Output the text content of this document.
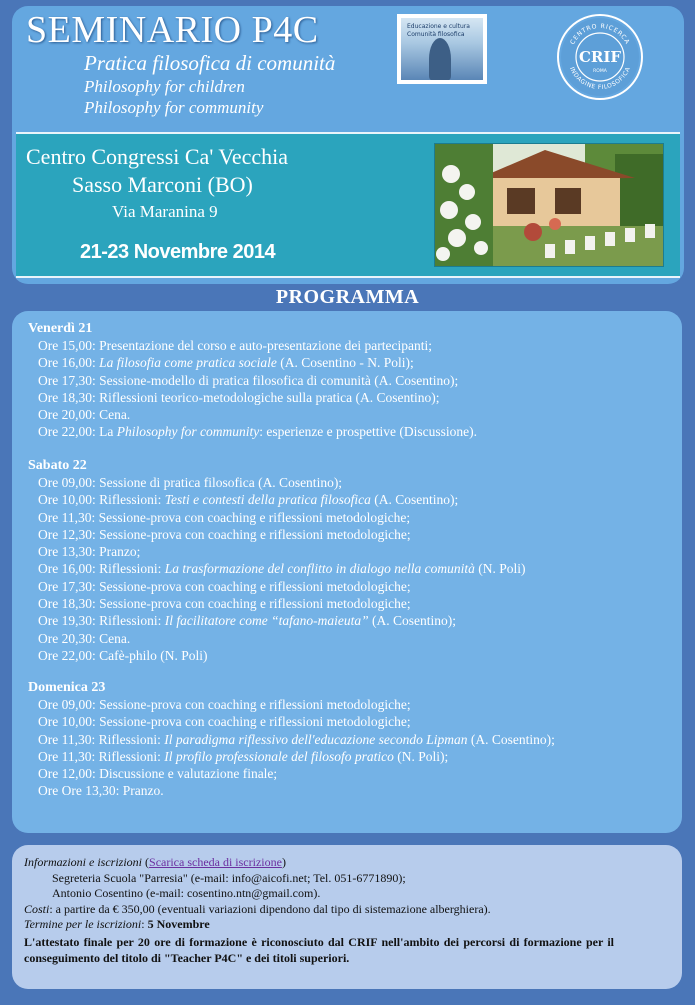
SEMINARIO P4C
Pratica filosofica di comunità
Philosophy for children
Philosophy for community
Educazione e cultura
Comunità filosofica
CENTRO RICERCA
INDAGINE FILOSOFICA
CRIF
ROMA
Centro Congressi Ca' Vecchia
Sasso Marconi (BO)
Via Maranina 9
21-23 Novembre 2014
PROGRAMMA
Venerdì 21
Ore 15,00: Presentazione del corso e auto-presentazione dei partecipanti;
Ore 16,00: La filosofia come pratica sociale (A. Cosentino - N. Poli);
Ore 17,30: Sessione-modello di pratica filosofica di comunità (A. Cosentino);
Ore 18,30: Riflessioni teorico-metodologiche sulla pratica (A. Cosentino);
Ore 20,00: Cena.
Ore 22,00: La Philosophy for community: esperienze e prospettive (Discussione).
Sabato 22
Ore 09,00: Sessione di pratica filosofica (A. Cosentino);
Ore 10,00: Riflessioni: Testi e contesti della pratica filosofica (A. Cosentino);
Ore 11,30: Sessione-prova con coaching e riflessioni metodologiche;
Ore 12,30: Sessione-prova con coaching e riflessioni metodologiche;
Ore 13,30: Pranzo;
Ore 16,00: Riflessioni: La trasformazione del conflitto in dialogo nella comunità (N. Poli)
Ore 17,30: Sessione-prova con coaching e riflessioni metodologiche;
Ore 18,30: Sessione-prova con coaching e riflessioni metodologiche;
Ore 19,30: Riflessioni: Il facilitatore come “tafano-maieuta” (A. Cosentino);
Ore 20,30: Cena.
Ore 22,00: Cafè-philo (N. Poli)
Domenica 23
Ore 09,00: Sessione-prova con coaching e riflessioni metodologiche;
Ore 10,00: Sessione-prova con coaching e riflessioni metodologiche;
Ore 11,30: Riflessioni: Il paradigma riflessivo dell'educazione secondo Lipman (A. Cosentino);
Ore 11,30: Riflessioni: Il profilo professionale del filosofo pratico (N. Poli);
Ore 12,00: Discussione e valutazione finale;
Ore Ore 13,30: Pranzo.
Informazioni e iscrizioni (Scarica scheda di iscrizione)
Segreteria Scuola "Parresia" (e-mail: info@aicofi.net; Tel. 051-6771890);
Antonio Cosentino (e-mail: cosentino.ntn@gmail.com).
Costi: a partire da € 350,00 (eventuali variazioni dipendono dal tipo di sistemazione alberghiera).
Termine per le iscrizioni: 5 Novembre
L'attestato finale per 20 ore di formazione è riconosciuto dal CRIF nell'ambito dei percorsi di formazione per il conseguimento del titolo di "Teacher P4C" e dei titoli superiori.
